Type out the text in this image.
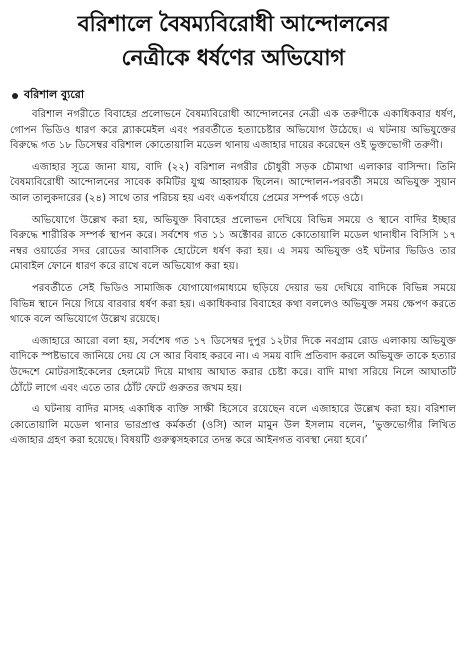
বরিশালে বৈষম্যবিরোধী আন্দোলনের
নেত্রীকে ধর্ষণের অভিযোগ
বরিশাল ব্যুরো

বরিশাল নগরীতে বিবাহের প্রলোভনে বৈষম্যবিরোধী আন্দোলনের নেত্রী এক তরুণীকে একাধিকবার ধর্ষণ, গোপন ভিডিও ধারণ করে ব্ল্যাকমেইল এবং পরবর্তীতে হত্যাচেষ্টার অভিযোগ উঠেছে। এ ঘটনায় অভিযুক্তের বিরুদ্ধে গত ১৮ ডিসেম্বর বরিশাল কোতোয়ালি মডেল থানায় এজাহার দায়ের করেছেন ওই ভুক্তভোগী তরুণী।

এজাহার সূত্রে জানা যায়, বাদি (২২) বরিশাল নগরীর চৌধুরী সড়ক চৌমাথা এলাকার বাসিন্দা। তিনি বৈষম্যবিরোধী আন্দোলনের সাবেক কমিটির যুগ্ম আহ্বায়ক ছিলেন। আন্দোলন-পরবর্তী সময়ে অভিযুক্ত সুয়ান আল তালুকদারের (২৪) সাথে তার পরিচয় হয় এবং একপর্যায়ে প্রেমের সম্পর্ক গড়ে ওঠে।

অভিযোগে উল্লেখ করা হয়, অভিযুক্ত বিবাহের প্রলোভন দেখিয়ে বিভিন্ন সময়ে ও স্থানে বাদির ইচ্ছার বিরুদ্ধে শারীরিক সম্পর্ক স্থাপন করে। সর্বশেষ গত ১১ অক্টোবর রাতে কোতোয়ালি মডেল থানাধীন বিসিসি ১৭ নম্বর ওয়ার্ডের সদর রোডের আবাসিক হোটেলে ধর্ষণ করা হয়। এ সময় অভিযুক্ত ওই ঘটনার ভিডিও তার মোবাইল ফোনে ধারণ করে রাখে বলে অভিযোগ করা হয়।

পরবর্তীতে সেই ভিডিও সামাজিক যোগাযোগমাধ্যমে ছড়িয়ে দেয়ার ভয় দেখিয়ে বাদিকে বিভিন্ন সময়ে বিভিন্ন স্থানে নিয়ে গিয়ে বারবার ধর্ষণ করা হয়। একাধিকবার বিবাহের কথা বললেও অভিযুক্ত সময় ক্ষেপণ করতে থাকে বলে অভিযোগে উল্লেখ রয়েছে।

এজাহারে আরো বলা হয়, সর্বশেষ গত ১৭ ডিসেম্বর দুপুর ১২টার দিকে নবগ্রাম রোড এলাকায় অভিযুক্ত বাদিকে স্পষ্টভাবে জানিয়ে দেয় যে সে আর বিবাহ করবে না। এ সময় বাদি প্রতিবাদ করলে অভিযুক্ত তাকে হত্যার উদ্দেশে মোটরসাইকেলের হেলমেট দিয়ে মাথায় আঘাত করার চেষ্টা করে। বাদি মাথা সরিয়ে নিলে আঘাতটি ঠোঁটে লাগে এবং এতে তার ঠোঁট ফেটে গুরুতর জখম হয়।

এ ঘটনায় বাদির মাসহ একাধিক ব্যক্তি সাক্ষী হিসেবে রয়েছেন বলে এজাহারে উল্লেখ করা হয়। বরিশাল কোতোয়ালি মডেল থানার ভারপ্রাপ্ত কর্মকর্তা (ওসি) আল মামুন উল ইসলাম বলেন, ‘ভুক্তভোগীর লিখিত এজাহার গ্রহণ করা হয়েছে। বিষয়টি গুরুত্বসহকারে তদন্ত করে আইনগত ব্যবস্থা নেয়া হবে।’
